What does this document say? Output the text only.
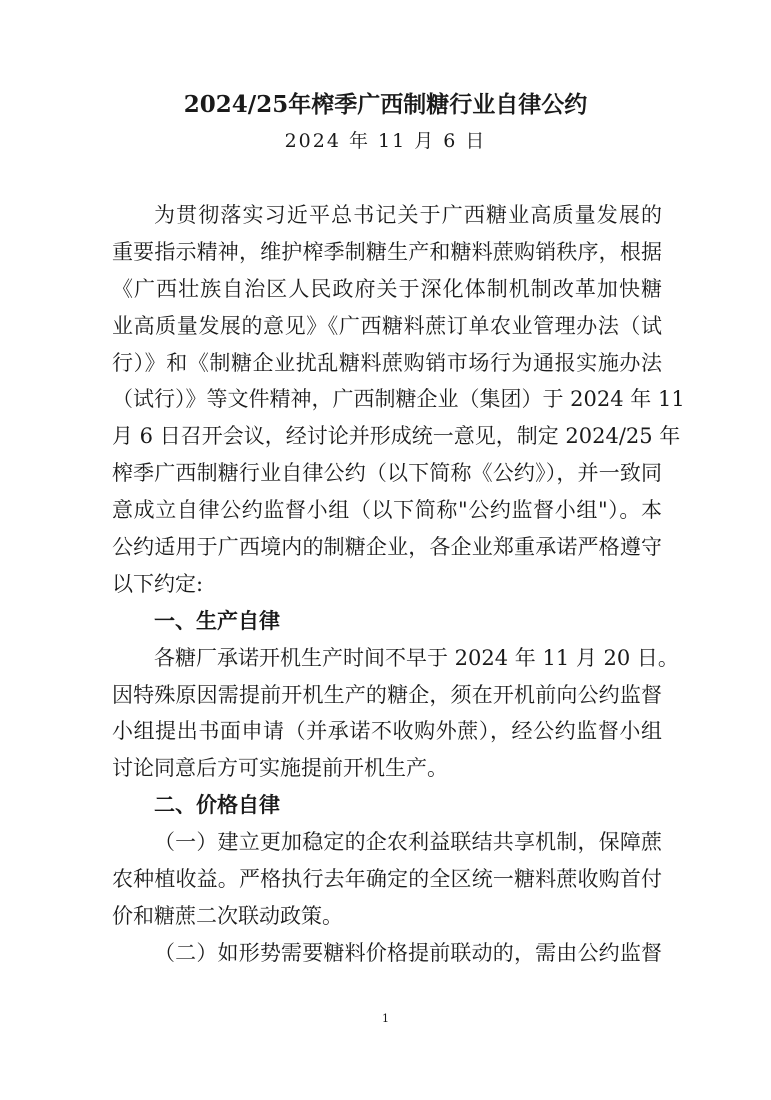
2024/25年榨季广西制糖行业自律公约
2024 年 11 月 6 日
为贯彻落实习近平总书记关于广西糖业高质量发展的
重要指示精神，维护榨季制糖生产和糖料蔗购销秩序，根据
《广西壮族自治区人民政府关于深化体制机制改革加快糖
业高质量发展的意见》《广西糖料蔗订单农业管理办法（试
行）》和《制糖企业扰乱糖料蔗购销市场行为通报实施办法
（试行）》等文件精神，广西制糖企业（集团）于 2024 年 11
月 6 日召开会议，经讨论并形成统一意见，制定 2024/25 年
榨季广西制糖行业自律公约（以下简称《公约》），并一致同
意成立自律公约监督小组（以下简称"公约监督小组"）。本
公约适用于广西境内的制糖企业，各企业郑重承诺严格遵守
以下约定:
一、生产自律
各糖厂承诺开机生产时间不早于 2024 年 11 月 20 日。
因特殊原因需提前开机生产的糖企，须在开机前向公约监督
小组提出书面申请（并承诺不收购外蔗），经公约监督小组
讨论同意后方可实施提前开机生产。
二、价格自律
（一）建立更加稳定的企农利益联结共享机制，保障蔗
农种植收益。严格执行去年确定的全区统一糖料蔗收购首付
价和糖蔗二次联动政策。
（二）如形势需要糖料价格提前联动的，需由公约监督
1
